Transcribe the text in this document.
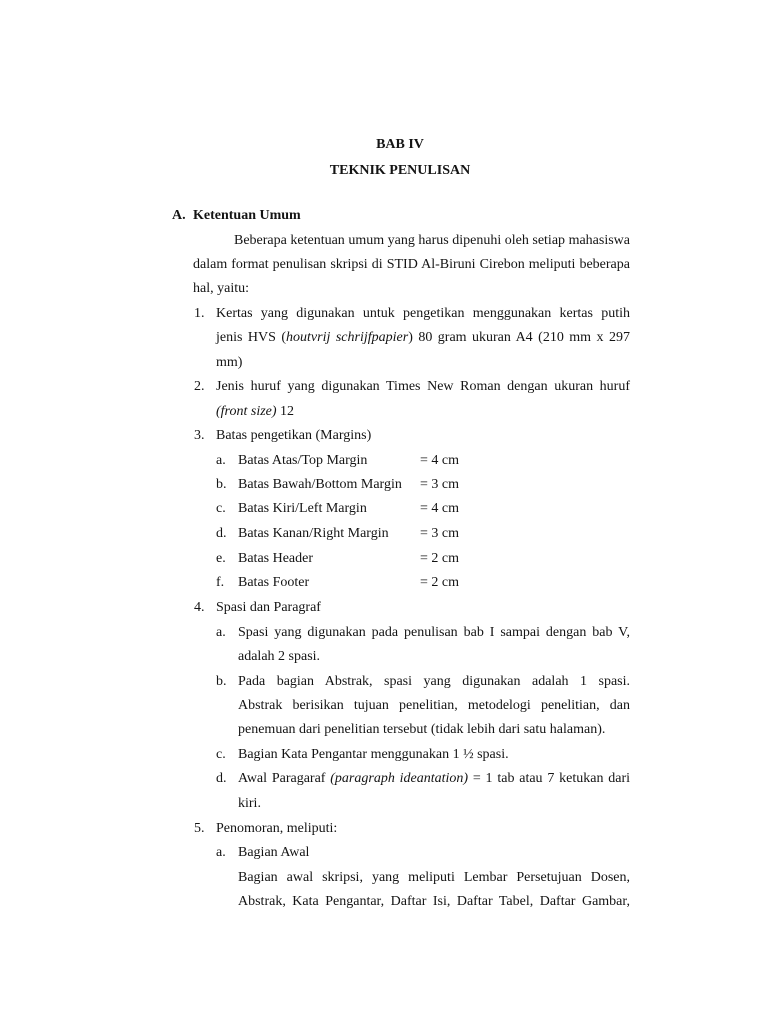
BAB IV
TEKNIK PENULISAN
A. Ketentuan Umum
Beberapa ketentuan umum yang harus dipenuhi oleh setiap mahasiswa
dalam format penulisan skripsi di STID Al-Biruni Cirebon meliputi beberapa
hal, yaitu:
1. Kertas yang digunakan untuk pengetikan menggunakan kertas putih
jenis HVS (houtvrij schrijfpapier) 80 gram ukuran A4 (210 mm x 297
mm)
2. Jenis huruf yang digunakan Times New Roman dengan ukuran huruf
(front size) 12
3. Batas pengetikan (Margins)
a. Batas Atas/Top Margin	= 4 cm
b. Batas Bawah/Bottom Margin = 3 cm
c. Batas Kiri/Left Margin	= 4 cm
d. Batas Kanan/Right Margin = 3 cm
e. Batas Header	= 2 cm
f. Batas Footer	= 2 cm
4. Spasi dan Paragraf
a. Spasi yang digunakan pada penulisan bab I sampai dengan bab V,
adalah 2 spasi.
b. Pada bagian Abstrak, spasi yang digunakan adalah 1 spasi.
Abstrak berisikan tujuan penelitian, metodelogi penelitian, dan
penemuan dari penelitian tersebut (tidak lebih dari satu halaman).
c. Bagian Kata Pengantar menggunakan 1 ½ spasi.
d. Awal Paragaraf (paragraph ideantation) = 1 tab atau 7 ketukan dari
kiri.
5. Penomoran, meliputi:
a. Bagian Awal
Bagian awal skripsi, yang meliputi Lembar Persetujuan Dosen,
Abstrak, Kata Pengantar, Daftar Isi, Daftar Tabel, Daftar Gambar,
